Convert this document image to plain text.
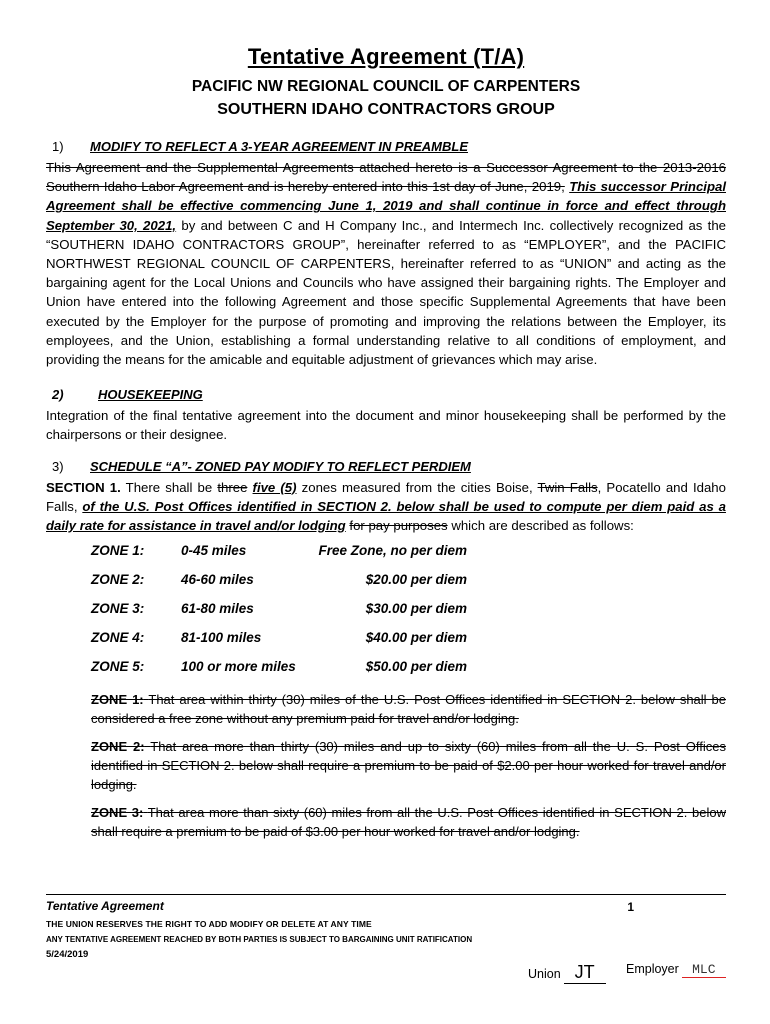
Tentative Agreement (T/A)
PACIFIC NW REGIONAL COUNCIL OF CARPENTERS
SOUTHERN IDAHO CONTRACTORS GROUP
1) MODIFY TO REFLECT A 3-YEAR AGREEMENT IN PREAMBLE
This Agreement and the Supplemental Agreements attached hereto is a Successor Agreement to the 2013-2016 Southern Idaho Labor Agreement and is hereby entered into this 1st day of June, 2019, This successor Principal Agreement shall be effective commencing June 1, 2019 and shall continue in force and effect through September 30, 2021, by and between C and H Company Inc., and Intermech Inc. collectively recognized as the “SOUTHERN IDAHO CONTRACTORS GROUP”, hereinafter referred to as “EMPLOYER”, and the PACIFIC NORTHWEST REGIONAL COUNCIL OF CARPENTERS, hereinafter referred to as “UNION” and acting as the bargaining agent for the Local Unions and Councils who have assigned their bargaining rights. The Employer and Union have entered into the following Agreement and those specific Supplemental Agreements that have been executed by the Employer for the purpose of promoting and improving the relations between the Employer, its employees, and the Union, establishing a formal understanding relative to all conditions of employment, and providing the means for the amicable and equitable adjustment of grievances which may arise.
2)	HOUSEKEEPING
Integration of the final tentative agreement into the document and minor housekeeping shall be performed by the chairpersons or their designee.
3) SCHEDULE “A”- ZONED PAY MODIFY TO REFLECT PERDIEM
SECTION 1. There shall be three five (5) zones measured from the cities Boise, Twin Falls, Pocatello and Idaho Falls, of the U.S. Post Offices identified in SECTION 2. below shall be used to compute per diem paid as a daily rate for assistance in travel and/or lodging for pay purposes which are described as follows:
ZONE 1:	0-45 miles	Free Zone, no per diem
ZONE 2:	46-60 miles	$20.00 per diem
ZONE 3:	61-80 miles	$30.00 per diem
ZONE 4:	81-100 miles	$40.00 per diem
ZONE 5:	100 or more miles	$50.00 per diem
ZONE 1: That area within thirty (30) miles of the U.S. Post Offices identified in SECTION 2. below shall be considered a free zone without any premium paid for travel and/or lodging.
ZONE 2: That area more than thirty (30) miles and up to sixty (60) miles from all the U. S. Post Offices identified in SECTION 2. below shall require a premium to be paid of $2.00 per hour worked for travel and/or lodging.
ZONE 3: That area more than sixty (60) miles from all the U.S. Post Offices identified in SECTION 2. below shall require a premium to be paid of $3.00 per hour worked for travel and/or lodging.
Tentative Agreement	1
THE UNION RESERVES THE RIGHT TO ADD MODIFY OR DELETE AT ANY TIME
ANY TENTATIVE AGREEMENT REACHED BY BOTH PARTIES IS SUBJECT TO BARGAINING UNIT RATIFICATION
5/24/2019
Union JT	Employer MLC
